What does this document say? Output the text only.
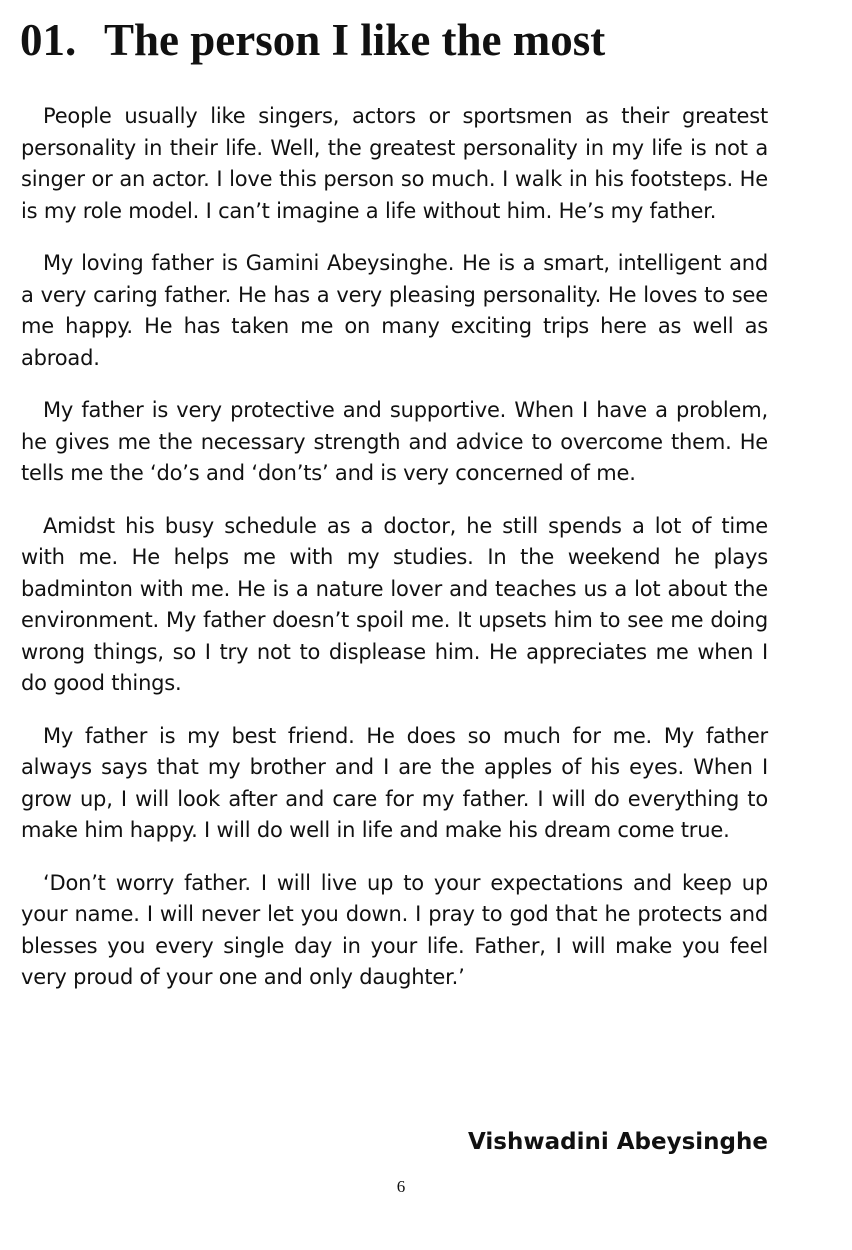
01. The person I like the most

People usually like singers, actors or sportsmen as their greatest personality in their life. Well, the greatest personality in my life is not a singer or an actor. I love this person so much. I walk in his footsteps. He is my role model. I can’t imagine a life without him. He’s my father.

My loving father is Gamini Abeysinghe. He is a smart, intelligent and a very caring father. He has a very pleasing personality. He loves to see me happy. He has taken me on many exciting trips here as well as abroad.

My father is very protective and supportive. When I have a problem, he gives me the necessary strength and advice to overcome them. He tells me the ‘do’s and ‘don’ts’ and is very concerned of me.

Amidst his busy schedule as a doctor, he still spends a lot of time with me. He helps me with my studies. In the weekend he plays badminton with me. He is a nature lover and teaches us a lot about the environment. My father doesn’t spoil me. It upsets him to see me doing wrong things, so I try not to displease him. He appreciates me when I do good things.

My father is my best friend. He does so much for me. My father always says that my brother and I are the apples of his eyes. When I grow up, I will look after and care for my father. I will do everything to make him happy. I will do well in life and make his dream come true.

‘Don’t worry father. I will live up to your expectations and keep up your name. I will never let you down. I pray to god that he protects and blesses you every single day in your life. Father, I will make you feel very proud of your one and only daughter.’

Vishwadini Abeysinghe
6
